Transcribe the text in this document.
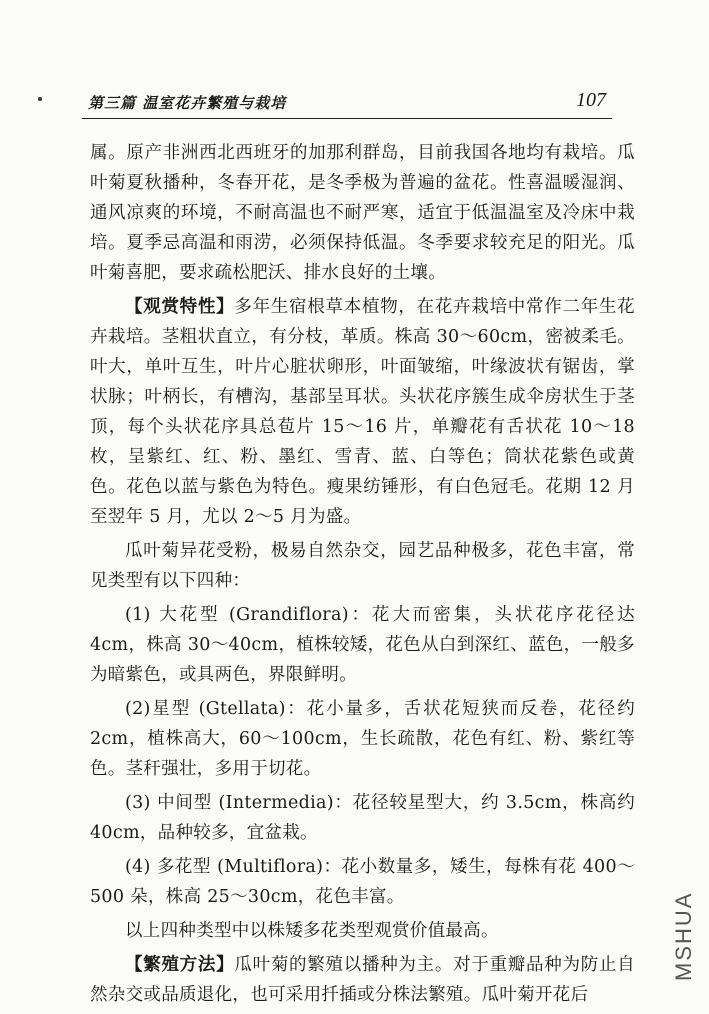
第三篇 温室花卉繁殖与栽培	107

属。原产非洲西北西班牙的加那利群岛，目前我国各地均有栽培。瓜叶菊夏秋播种，冬春开花，是冬季极为普遍的盆花。性喜温暖湿润、通风凉爽的环境，不耐高温也不耐严寒，适宜于低温温室及冷床中栽培。夏季忌高温和雨涝，必须保持低温。冬季要求较充足的阳光。瓜叶菊喜肥，要求疏松肥沃、排水良好的土壤。

【观赏特性】多年生宿根草本植物，在花卉栽培中常作二年生花卉栽培。茎粗状直立，有分枝，革质。株高 30～60cm，密被柔毛。叶大，单叶互生，叶片心脏状卵形，叶面皱缩，叶缘波状有锯齿，掌状脉；叶柄长，有槽沟，基部呈耳状。头状花序簇生成伞房状生于茎顶，每个头状花序具总苞片 15～16 片，单瓣花有舌状花 10～18 枚，呈紫红、红、粉、墨红、雪青、蓝、白等色；筒状花紫色或黄色。花色以蓝与紫色为特色。瘦果纺锤形，有白色冠毛。花期 12 月至翌年 5 月，尤以 2～5 月为盛。

瓜叶菊异花受粉，极易自然杂交，园艺品种极多，花色丰富，常见类型有以下四种：

(1) 大花型 (Grandiflora)：花大而密集，头状花序花径达 4cm，株高 30～40cm，植株较矮，花色从白到深红、蓝色，一般多为暗紫色，或具两色，界限鲜明。

(2)星型 (Gtellata)：花小量多，舌状花短狭而反卷，花径约 2cm，植株高大，60～100cm，生长疏散，花色有红、粉、紫红等色。茎秆强壮，多用于切花。

(3) 中间型 (Intermedia)：花径较星型大，约 3.5cm，株高约 40cm，品种较多，宜盆栽。

(4) 多花型 (Multiflora)：花小数量多，矮生，每株有花 400～500 朵，株高 25～30cm，花色丰富。

以上四种类型中以株矮多花类型观赏价值最高。

【繁殖方法】瓜叶菊的繁殖以播种为主。对于重瓣品种为防止自然杂交或品质退化，也可采用扦插或分株法繁殖。瓜叶菊开花后

MSHUA
